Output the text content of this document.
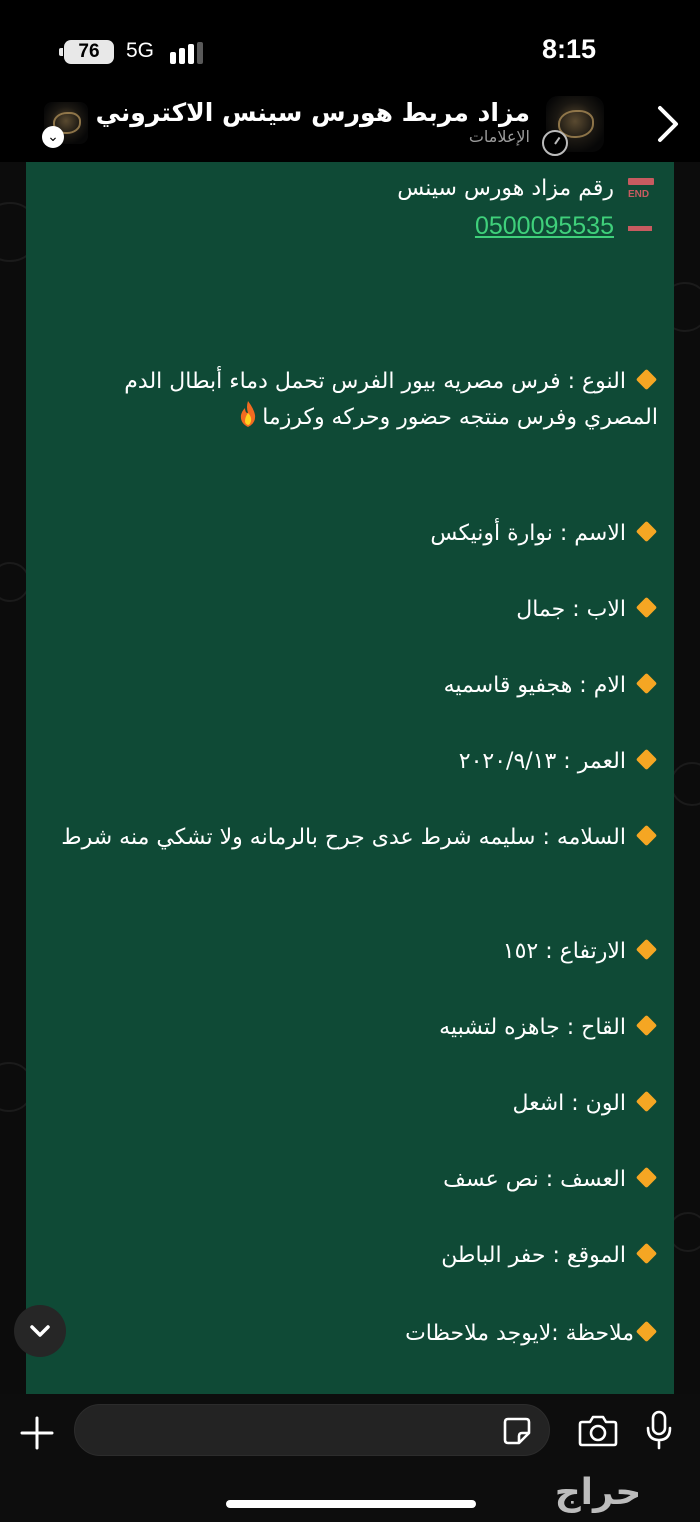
76	5G	8:15
مزاد مربط هورس سينس الاكتروني
الإعلامات
⌄
END
رقم مزاد هورس سينس
0500095535
النوع : فرس مصريه بيور الفرس تحمل دماء أبطال الدم المصري وفرس منتجه حضور وحركه وكرزما
الاسم : نوارة أونيكس
الاب : جمال
الام : هجفيو قاسميه
العمر : ٢٠٢٠/٩/١٣
السلامه : سليمه شرط عدى جرح بالرمانه ولا تشكي منه شرط
الارتفاع : ١٥٢
القاح : جاهزه لتشبيه
الون : اشعل
العسف : نص عسف
الموقع : حفر الباطن
ملاحظة :لايوجد ملاحظات
حراج
